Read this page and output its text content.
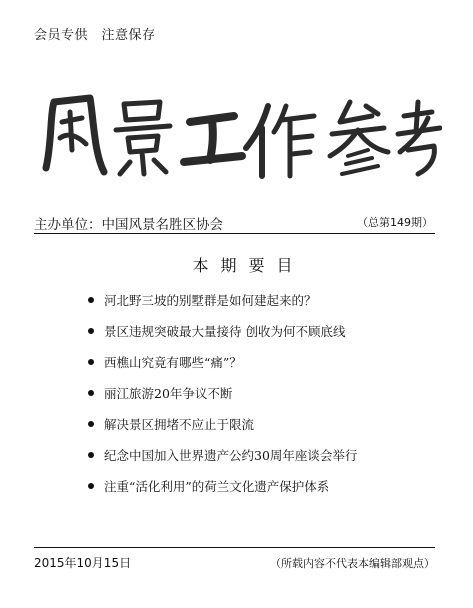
会员专供　注意保存
主办单位：中国风景名胜区协会	（总第149期）
本期要目
河北野三坡的别墅群是如何建起来的？
景区违规突破最大量接待 创收为何不顾底线
西樵山究竟有哪些“痛”？
丽江旅游20年争议不断
解决景区拥堵不应止于限流
纪念中国加入世界遗产公约30周年座谈会举行
注重“活化利用”的荷兰文化遗产保护体系
2015年10月15日	（所载内容不代表本编辑部观点）
